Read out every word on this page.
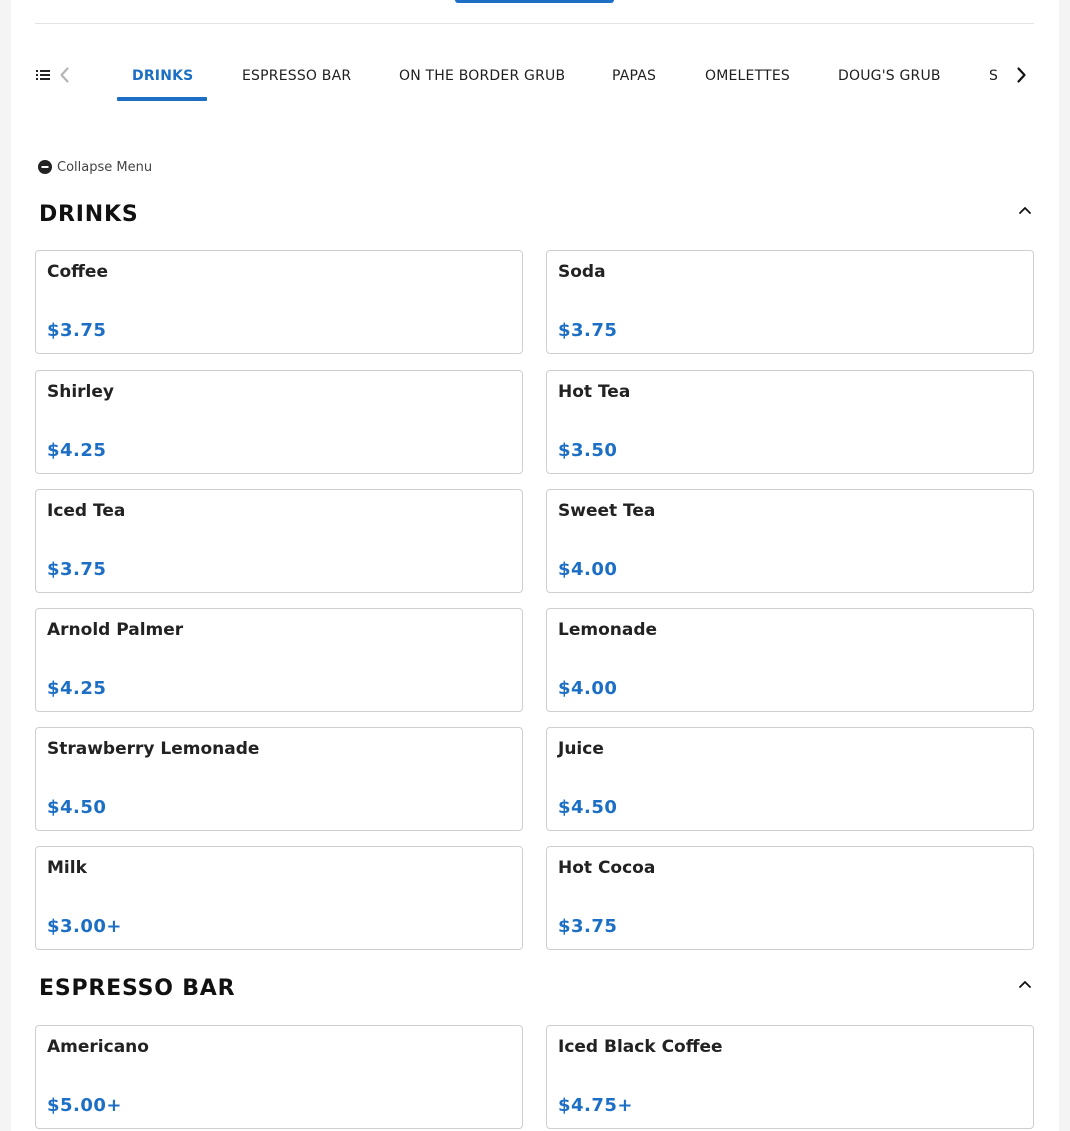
DRINKS	ESPRESSO BAR	ON THE BORDER GRUB	PAPAS	OMELETTES	DOUG'S GRUB	S
Collapse Menu
DRINKS
Coffee
$3.75
Soda
$3.75
Shirley
$4.25
Hot Tea
$3.50
Iced Tea
$3.75
Sweet Tea
$4.00
Arnold Palmer
$4.25
Lemonade
$4.00
Strawberry Lemonade
$4.50
Juice
$4.50
Milk
$3.00+
Hot Cocoa
$3.75
ESPRESSO BAR
Americano
$5.00+
Iced Black Coffee
$4.75+
